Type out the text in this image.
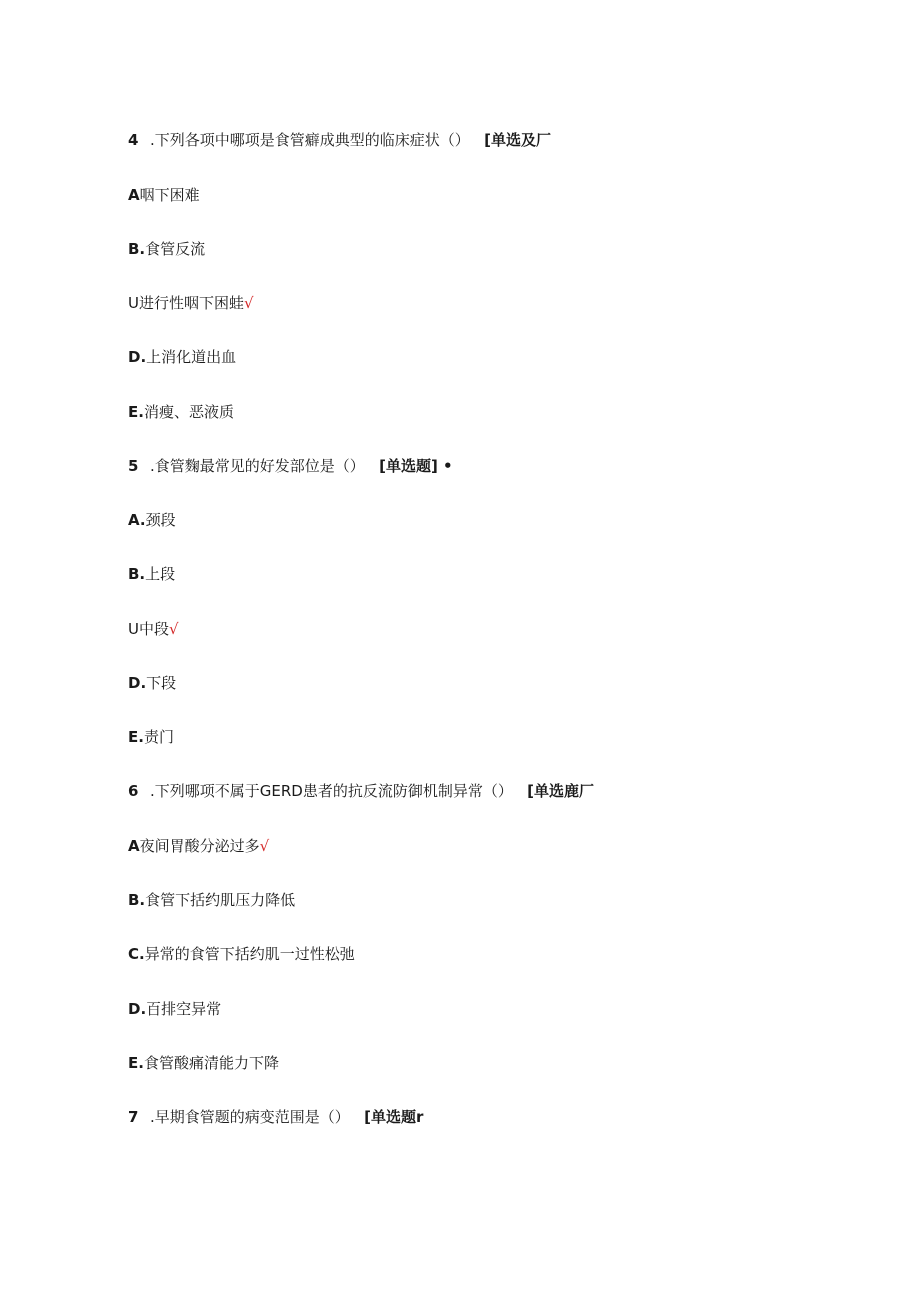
4 .下列各项中哪项是食管癖成典型的临床症状（） [单选及厂
A咽下困难
B.食管反流
U进行性咽下困蛙√
D.上消化道出血
E.消瘦、恶液质
5 .食管麴最常见的好发部位是（） [单选题] •
A.颈段
B.上段
U中段√
D.下段
E.责门
6 .下列哪项不属于GERD患者的抗反流防御机制异常（） [单选鹿厂
A夜间胃酸分泌过多√
B.食管下括约肌压力降低
C.异常的食管下括约肌一过性松弛
D.百排空异常
E.食管酸痛清能力下降
7 .早期食管题的病变范围是（） [单选题r
